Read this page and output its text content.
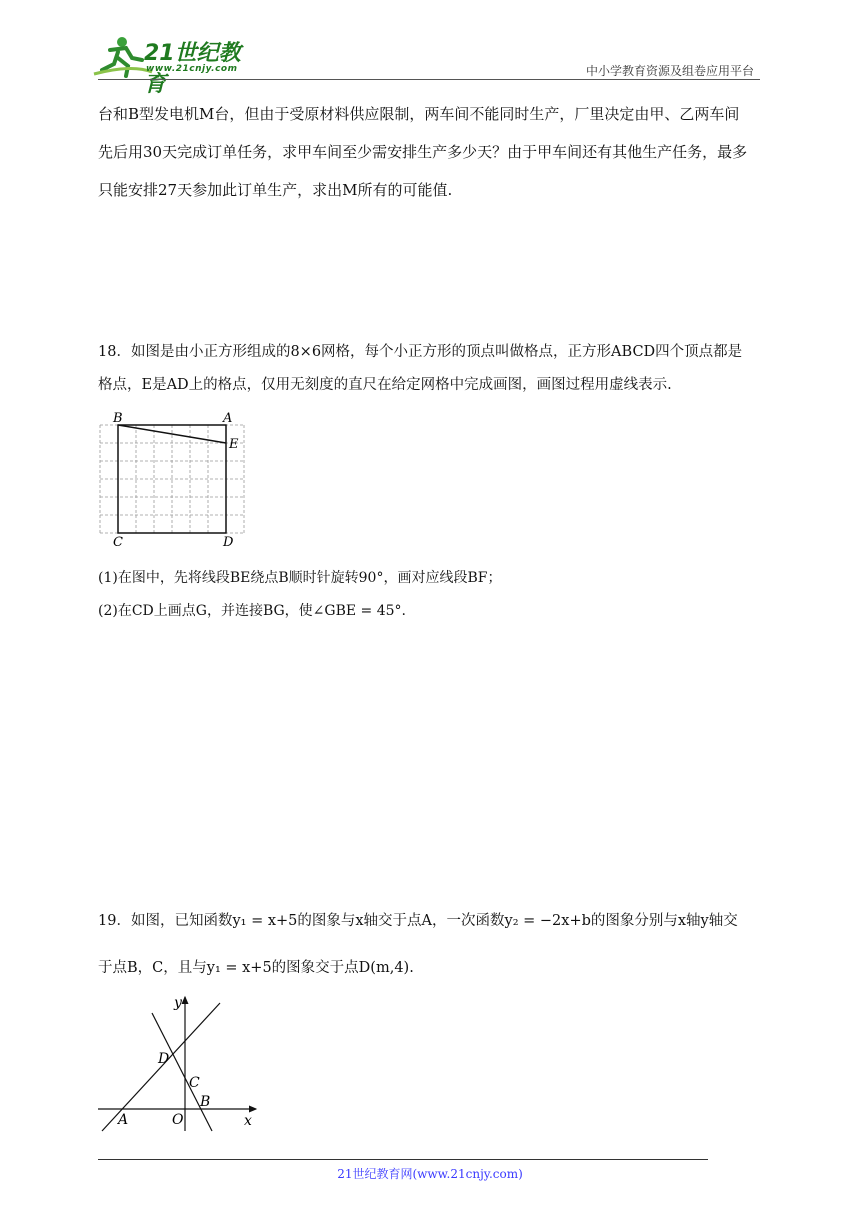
21世纪教育
www.21cnjy.com	中小学教育资源及组卷应用平台

台和B型发电机M台，但由于受原材料供应限制，两车间不能同时生产，厂里决定由甲、乙两车间

先后用30天完成订单任务，求甲车间至少需安排生产多少天？由于甲车间还有其他生产任务，最多

只能安排27天参加此订单生产，求出M所有的可能值.

18．如图是由小正方形组成的8×6网格，每个小正方形的顶点叫做格点，正方形ABCD四个顶点都是

格点，E是AD上的格点，仅用无刻度的直尺在给定网格中完成画图，画图过程用虚线表示.

B	A
E
C	D
(1)在图中，先将线段BE绕点B顺时针旋转90°，画对应线段BF；
(2)在CD上画点G，并连接BG，使∠GBE = 45°.
19．如图，已知函数y₁ = x+5的图象与x轴交于点A，一次函数y₂ = −2x+b的图象分别与x轴y轴交
于点B，C，且与y₁ = x+5的图象交于点D(m,4).
y
x
D
C
B
A	O
21世纪教育网(www.21cnjy.com)
